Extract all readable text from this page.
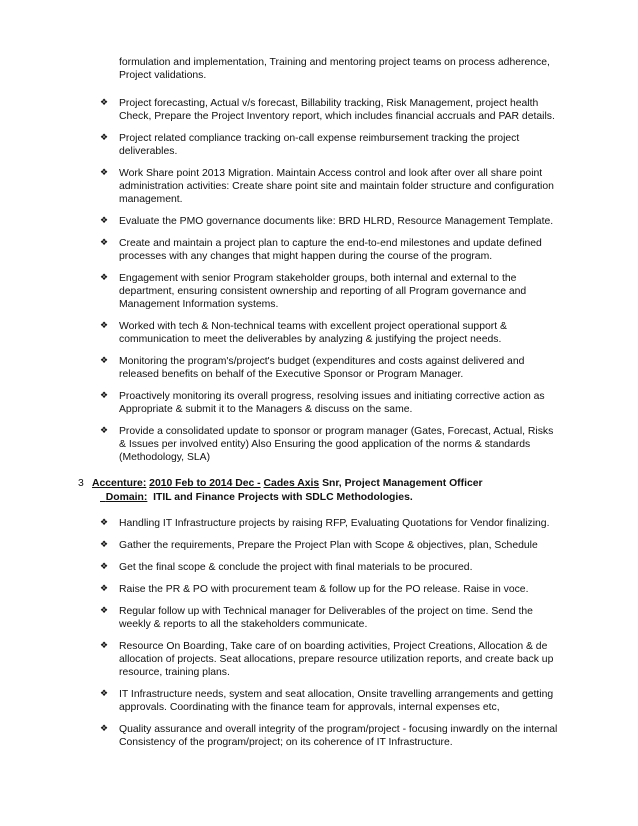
formulation and implementation, Training and mentoring project teams on process adherence,
Project validations.

❖ Project forecasting, Actual v/s forecast, Billability tracking, Risk Management, project health
Check, Prepare the Project Inventory report, which includes financial accruals and PAR details.
❖ Project related compliance tracking on-call expense reimbursement tracking the project
deliverables.
❖ Work Share point 2013 Migration. Maintain Access control and look after over all share point
administration activities: Create share point site and maintain folder structure and configuration
management.
❖ Evaluate the PMO governance documents like: BRD HLRD, Resource Management Template.
❖ Create and maintain a project plan to capture the end-to-end milestones and update defined
processes with any changes that might happen during the course of the program.
❖ Engagement with senior Program stakeholder groups, both internal and external to the
department, ensuring consistent ownership and reporting of all Program governance and
Management Information systems.
❖ Worked with tech & Non-technical teams with excellent project operational support &
communication to meet the deliverables by analyzing & justifying the project needs.
❖ Monitoring the program's/project's budget (expenditures and costs against delivered and
released benefits on behalf of the Executive Sponsor or Program Manager.
❖ Proactively monitoring its overall progress, resolving issues and initiating corrective action as
Appropriate & submit it to the Managers & discuss on the same.
❖ Provide a consolidated update to sponsor or program manager (Gates, Forecast, Actual, Risks
& Issues per involved entity) Also Ensuring the good application of the norms & standards
(Methodology, SLA)
3 Accenture: 2010 Feb to 2014 Dec - Cades Axis Snr, Project Management Officer
Domain: ITIL and Finance Projects with SDLC Methodologies.
❖ Handling IT Infrastructure projects by raising RFP, Evaluating Quotations for Vendor finalizing.
❖ Gather the requirements, Prepare the Project Plan with Scope & objectives, plan, Schedule
❖ Get the final scope & conclude the project with final materials to be procured.
❖ Raise the PR & PO with procurement team & follow up for the PO release. Raise in voce.
❖ Regular follow up with Technical manager for Deliverables of the project on time. Send the
weekly & reports to all the stakeholders communicate.
❖ Resource On Boarding, Take care of on boarding activities, Project Creations, Allocation & de
allocation of projects. Seat allocations, prepare resource utilization reports, and create back up
resource, training plans.
❖ IT Infrastructure needs, system and seat allocation, Onsite travelling arrangements and getting
approvals. Coordinating with the finance team for approvals, internal expenses etc,
❖ Quality assurance and overall integrity of the program/project - focusing inwardly on the internal
Consistency of the program/project; on its coherence of IT Infrastructure.
